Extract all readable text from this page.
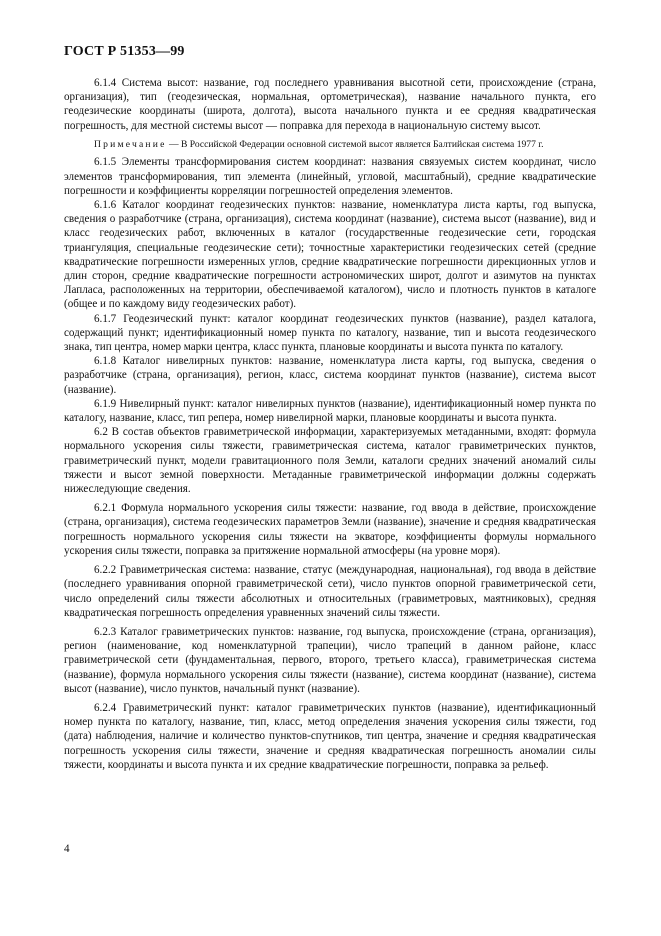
ГОСТ Р 51353—99

6.1.4 Система высот: название, год последнего уравнивания высотной сети, происхождение (страна, организация), тип (геодезическая, нормальная, ортометрическая), название начального пункта, его геодезические координаты (широта, долгота), высота начального пункта и ее средняя квадратическая погрешность, для местной системы высот — поправка для перехода в национальную систему высот.

Примечание — В Российской Федерации основной системой высот является Балтийская система 1977 г.

6.1.5 Элементы трансформирования систем координат: названия связуемых систем координат, число элементов трансформирования, тип элемента (линейный, угловой, масштабный), средние квадратические погрешности и коэффициенты корреляции погрешностей определения элементов.

6.1.6 Каталог координат геодезических пунктов: название, номенклатура листа карты, год выпуска, сведения о разработчике (страна, организация), система координат (название), система высот (название), вид и класс геодезических работ, включенных в каталог (государственные геодезические сети, городская триангуляция, специальные геодезические сети); точностные характеристики геодезических сетей (средние квадратические погрешности измеренных углов, средние квадратические погрешности дирекционных углов и длин сторон, средние квадратические погрешности астрономических широт, долгот и азимутов на пунктах Лапласа, расположенных на территории, обеспечиваемой каталогом), число и плотность пунктов в каталоге (общее и по каждому виду геодезических работ).

6.1.7 Геодезический пункт: каталог координат геодезических пунктов (название), раздел каталога, содержащий пункт; идентификационный номер пункта по каталогу, название, тип и высота геодезического знака, тип центра, номер марки центра, класс пункта, плановые координаты и высота пункта по каталогу.

6.1.8 Каталог нивелирных пунктов: название, номенклатура листа карты, год выпуска, сведения о разработчике (страна, организация), регион, класс, система координат пунктов (название), система высот (название).

6.1.9 Нивелирный пункт: каталог нивелирных пунктов (название), идентификационный номер пункта по каталогу, название, класс, тип репера, номер нивелирной марки, плановые координаты и высота пункта.

6.2 В состав объектов гравиметрической информации, характеризуемых метаданными, входят: формула нормального ускорения силы тяжести, гравиметрическая система, каталог гравиметрических пунктов, гравиметрический пункт, модели гравитационного поля Земли, каталоги средних значений аномалий силы тяжести и высот земной поверхности. Метаданные гравиметрической информации должны содержать нижеследующие сведения.

6.2.1 Формула нормального ускорения силы тяжести: название, год ввода в действие, происхождение (страна, организация), система геодезических параметров Земли (название), значение и средняя квадратическая погрешность нормального ускорения силы тяжести на экваторе, коэффициенты формулы нормального ускорения силы тяжести, поправка за притяжение нормальной атмосферы (на уровне моря).

6.2.2 Гравиметрическая система: название, статус (международная, национальная), год ввода в действие (последнего уравнивания опорной гравиметрической сети), число пунктов опорной гравиметрической сети, число определений силы тяжести абсолютных и относительных (гравиметровых, маятниковых), средняя квадратическая погрешность определения уравненных значений силы тяжести.

6.2.3 Каталог гравиметрических пунктов: название, год выпуска, происхождение (страна, организация), регион (наименование, код номенклатурной трапеции), число трапеций в данном районе, класс гравиметрической сети (фундаментальная, первого, второго, третьего класса), гравиметрическая система (название), формула нормального ускорения силы тяжести (название), система координат (название), система высот (название), число пунктов, начальный пункт (название).

6.2.4 Гравиметрический пункт: каталог гравиметрических пунктов (название), идентификационный номер пункта по каталогу, название, тип, класс, метод определения значения ускорения силы тяжести, год (дата) наблюдения, наличие и количество пунктов-спутников, тип центра, значение и средняя квадратическая погрешность ускорения силы тяжести, значение и средняя квадратическая погрешность аномалии силы тяжести, координаты и высота пункта и их средние квадратические погрешности, поправка за рельеф.

4
